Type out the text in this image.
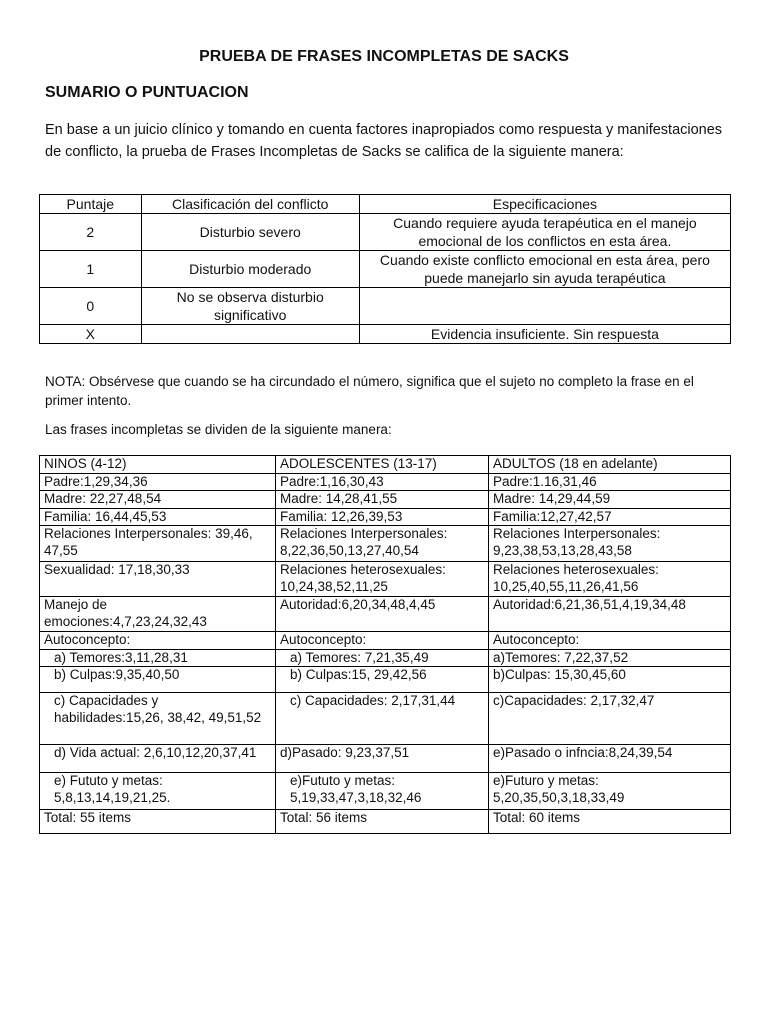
PRUEBA DE FRASES INCOMPLETAS DE SACKS
SUMARIO O PUNTUACION
En base a un juicio clínico y tomando en cuenta factores inapropiados como respuesta y manifestaciones de conflicto, la prueba de Frases Incompletas de Sacks se califica de la siguiente manera:
Puntaje	Clasificación del conflicto	Especificaciones
2	Disturbio severo	Cuando requiere ayuda terapéutica en el manejo emocional de los conflictos en esta área.
1	Disturbio moderado	Cuando existe conflicto emocional en esta área, pero puede manejarlo sin ayuda terapéutica
0	No se observa disturbio significativo	
X		Evidencia insuficiente. Sin respuesta
NOTA: Obsérvese que cuando se ha circundado el número, significa que el sujeto no completo la frase en el primer intento.
Las frases incompletas se dividen de la siguiente manera:
NINOS (4-12)	ADOLESCENTES (13-17)	ADULTOS (18 en adelante)
Padre:1,29,34,36	Padre:1,16,30,43	Padre:1.16,31,46
Madre: 22,27,48,54	Madre: 14,28,41,55	Madre: 14,29,44,59
Familia: 16,44,45,53	Familia: 12,26,39,53	Familia:12,27,42,57
Relaciones Interpersonales: 39,46, 47,55	Relaciones Interpersonales: 8,22,36,50,13,27,40,54	Relaciones Interpersonales: 9,23,38,53,13,28,43,58
Sexualidad: 17,18,30,33	Relaciones heterosexuales: 10,24,38,52,11,25	Relaciones heterosexuales: 10,25,40,55,11,26,41,56
Manejo de emociones:4,7,23,24,32,43	Autoridad:6,20,34,48,4,45	Autoridad:6,21,36,51,4,19,34,48
Autoconcepto:	Autoconcepto:	Autoconcepto:
a) Temores:3,11,28,31	a) Temores: 7,21,35,49	a)Temores: 7,22,37,52
b) Culpas:9,35,40,50	b) Culpas:15, 29,42,56	b)Culpas: 15,30,45,60
c) Capacidades y habilidades:15,26, 38,42, 49,51,52	c) Capacidades: 2,17,31,44	c)Capacidades: 2,17,32,47
d) Vida actual: 2,6,10,12,20,37,41	d)Pasado: 9,23,37,51	e)Pasado o infncia:8,24,39,54
e) Fututo y metas: 5,8,13,14,19,21,25.	e)Fututo y metas: 5,19,33,47,3,18,32,46	e)Futuro y metas: 5,20,35,50,3,18,33,49
Total: 55 items	Total: 56 items	Total: 60 items
